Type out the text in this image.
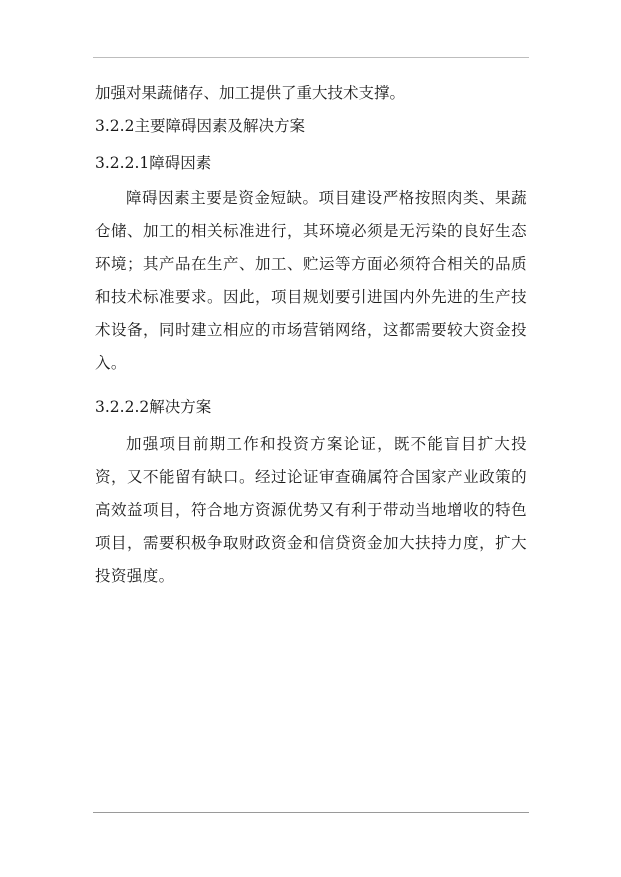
加强对果蔬储存、加工提供了重大技术支撑。

3.2.2主要障碍因素及解决方案

3.2.2.1障碍因素

障碍因素主要是资金短缺。项目建设严格按照肉类、果蔬仓储、加工的相关标准进行，其环境必须是无污染的良好生态环境；其产品在生产、加工、贮运等方面必须符合相关的品质和技术标准要求。因此，项目规划要引进国内外先进的生产技术设备，同时建立相应的市场营销网络，这都需要较大资金投入。

3.2.2.2解决方案

加强项目前期工作和投资方案论证，既不能盲目扩大投资，又不能留有缺口。经过论证审查确属符合国家产业政策的高效益项目，符合地方资源优势又有利于带动当地增收的特色项目，需要积极争取财政资金和信贷资金加大扶持力度，扩大投资强度。
